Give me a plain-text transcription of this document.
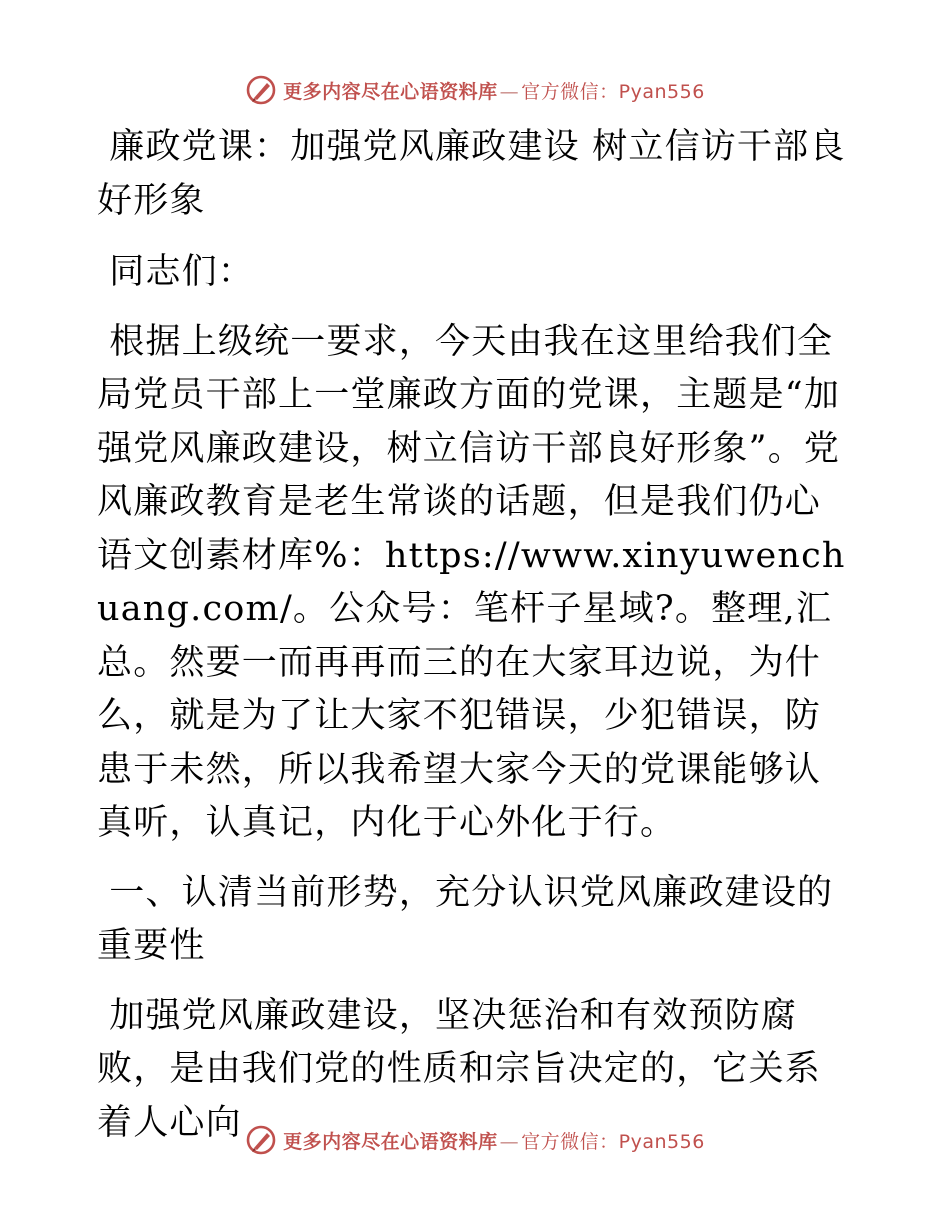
更多内容尽在心语资料库 — 官方微信：Pyan556

廉政党课：加强党风廉政建设 树立信访干部良好形象

同志们：

根据上级统一要求，今天由我在这里给我们全局党员干部上一堂廉政方面的党课，主题是“加强党风廉政建设，树立信访干部良好形象”。党风廉政教育是老生常谈的话题，但是我们仍心语文创素材库%：https://www.xinyuwenchuang.com/。公众号：笔杆子星域?。整理,汇总。然要一而再再而三的在大家耳边说，为什么，就是为了让大家不犯错误，少犯错误，防患于未然，所以我希望大家今天的党课能够认真听，认真记，内化于心外化于行。

一、认清当前形势，充分认识党风廉政建设的重要性

加强党风廉政建设，坚决惩治和有效预防腐败，是由我们党的性质和宗旨决定的，它关系着人心向	更多内容尽在心语资料库 — 官方微信：Pyan556
